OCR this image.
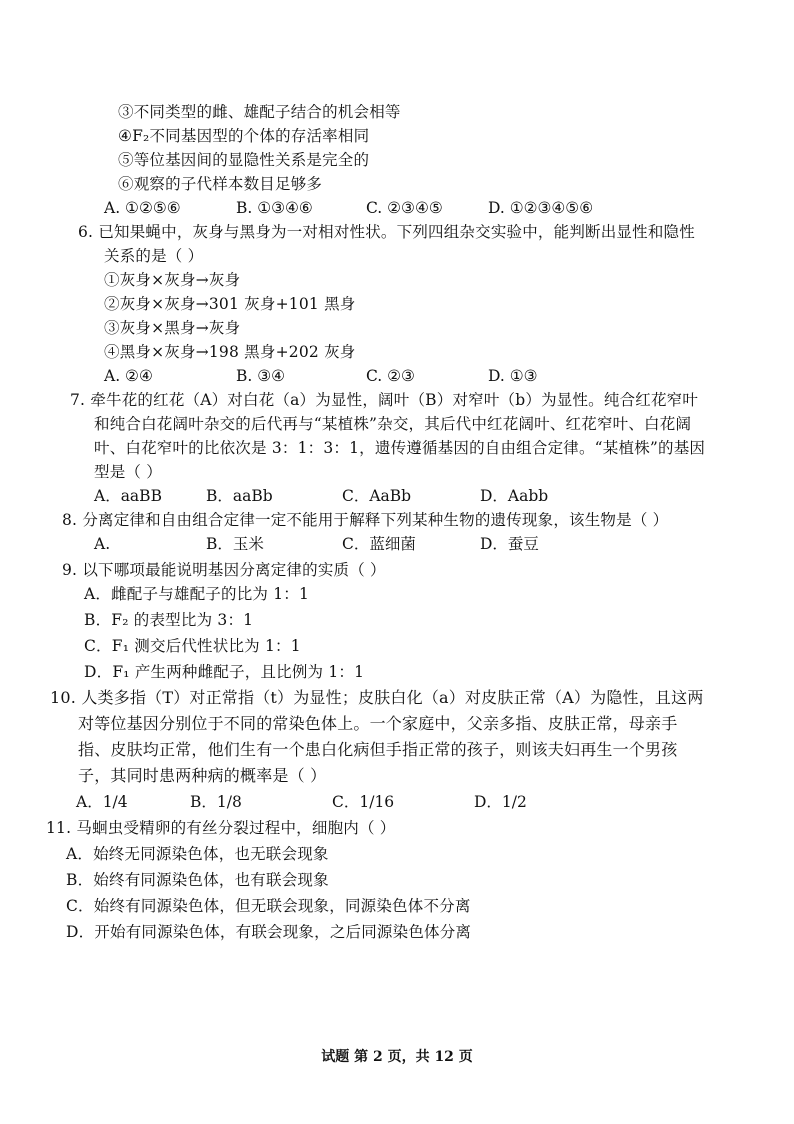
③不同类型的雌、雄配子结合的机会相等
④F₂不同基因型的个体的存活率相同
⑤等位基因间的显隐性关系是完全的
⑥观察的子代样本数目足够多
A. ①②⑤⑥	B. ①③④⑥	C. ②③④⑤	D. ①②③④⑤⑥
6. 已知果蝇中，灰身与黑身为一对相对性状。下列四组杂交实验中，能判断出显性和隐性
关系的是（ ）
①灰身×灰身→灰身
②灰身×灰身→301 灰身+101 黑身
③灰身×黑身→灰身
④黑身×灰身→198 黑身+202 灰身
A. ②④	B. ③④	C. ②③	D. ①③
7. 牵牛花的红花（A）对白花（a）为显性，阔叶（B）对窄叶（b）为显性。纯合红花窄叶
和纯合白花阔叶杂交的后代再与“某植株”杂交，其后代中红花阔叶、红花窄叶、白花阔
叶、白花窄叶的比依次是 3：1：3：1，遗传遵循基因的自由组合定律。“某植株”的基因
型是（ ）
A．aaBB	B．aaBb	C．AaBb	D．Aabb
8. 分离定律和自由组合定律一定不能用于解释下列某种生物的遗传现象，该生物是（ ）
A.	B．玉米	C．蓝细菌	D．蚕豆
9. 以下哪项最能说明基因分离定律的实质（ ）
A．雌配子与雄配子的比为 1：1
B．F₂ 的表型比为 3：1
C．F₁ 测交后代性状比为 1：1
D．F₁ 产生两种雌配子，且比例为 1：1
10. 人类多指（T）对正常指（t）为显性；皮肤白化（a）对皮肤正常（A）为隐性，且这两
对等位基因分别位于不同的常染色体上。一个家庭中，父亲多指、皮肤正常，母亲手
指、皮肤均正常，他们生有一个患白化病但手指正常的孩子，则该夫妇再生一个男孩
子，其同时患两种病的概率是（ ）
A．1/4	B．1/8	C．1/16	D．1/2
11. 马蛔虫受精卵的有丝分裂过程中，细胞内（ ）
A．始终无同源染色体，也无联会现象
B．始终有同源染色体，也有联会现象
C．始终有同源染色体，但无联会现象，同源染色体不分离
D．开始有同源染色体，有联会现象，之后同源染色体分离
试题 第 2 页，共 12 页
